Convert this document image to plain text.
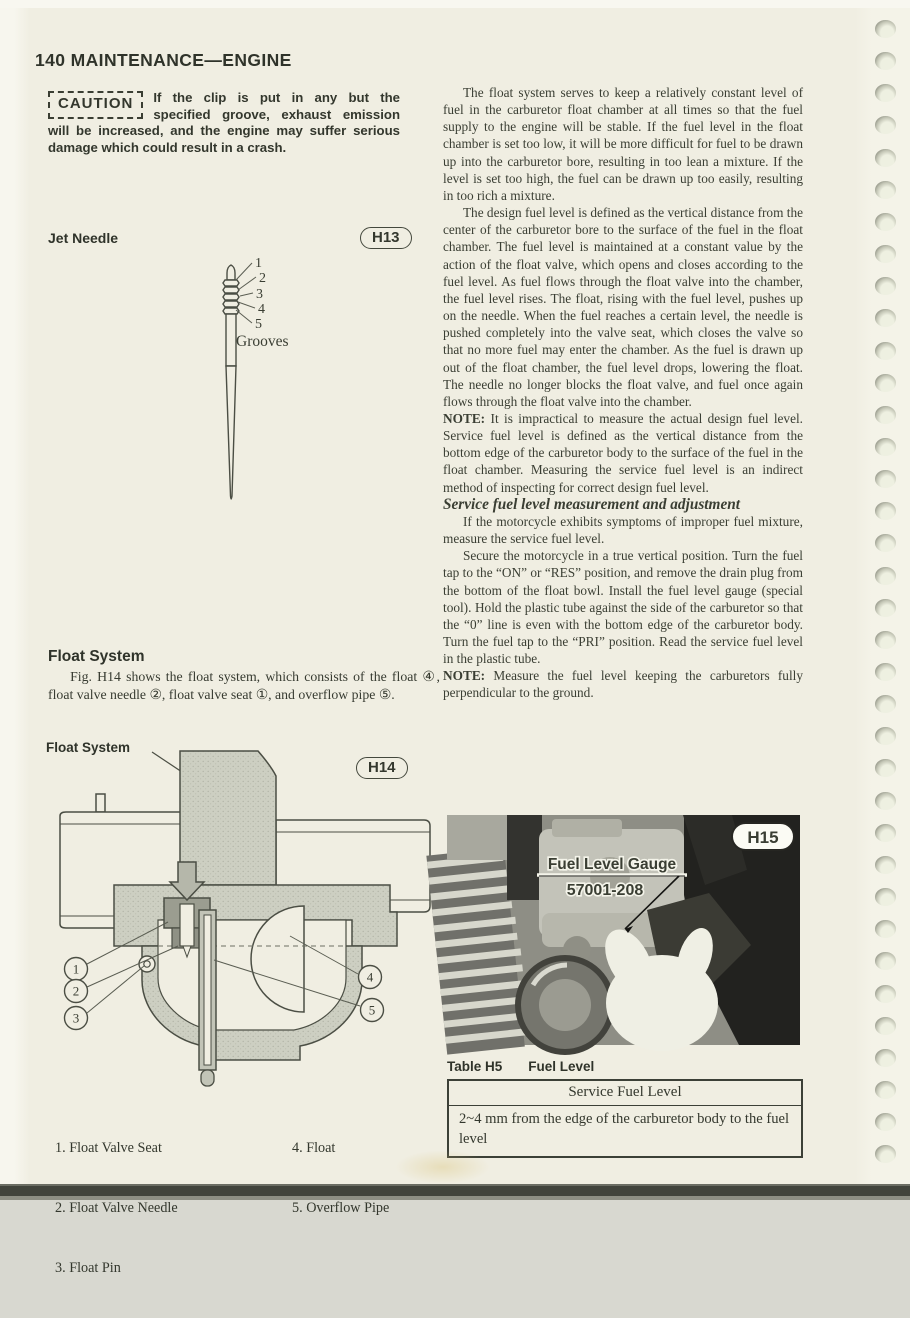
140 MAINTENANCE—ENGINE
CAUTION	If the clip is put in any but the specified groove, exhaust emission will be increased, and the engine may suffer serious damage which could result in a crash.
Jet Needle	H13
1
2
3
4
5
Grooves
Float System
Fig. H14 shows the float system, which consists of the float ④, float valve needle ②, float valve seat ①, and overflow pipe ⑤.
Float System
H14
1
2
3
4
5

1. Float Valve Seat

2. Float Valve Needle

3. Float Pin

4. Float

5. Overflow Pipe

The float system serves to keep a relatively constant level of fuel in the carburetor float chamber at all times so that the fuel supply to the engine will be stable. If the fuel level in the float chamber is set too low, it will be more difficult for fuel to be drawn up into the carburetor bore, resulting in too lean a mixture. If the level is set too high, the fuel can be drawn up too easily, resulting in too rich a mixture.

The design fuel level is defined as the vertical distance from the center of the carburetor bore to the surface of the fuel in the float chamber. The fuel level is maintained at a constant value by the action of the float valve, which opens and closes according to the fuel level. As fuel flows through the float valve into the chamber, the fuel level rises. The float, rising with the fuel level, pushes up on the needle. When the fuel reaches a certain level, the needle is pushed completely into the valve seat, which closes the valve so that no more fuel may enter the chamber. As the fuel is drawn up out of the float chamber, the fuel level drops, lowering the float. The needle no longer blocks the float valve, and fuel once again flows through the float valve into the chamber.

NOTE: It is impractical to measure the actual design fuel level. Service fuel level is defined as the vertical distance from the bottom edge of the carburetor body to the surface of the fuel in the float chamber. Measuring the service fuel level is an indirect method of inspecting for correct design fuel level.

Service fuel level measurement and adjustment

If the motorcycle exhibits symptoms of improper fuel mixture, measure the service fuel level.

Secure the motorcycle in a true vertical position. Turn the fuel tap to the “ON” or “RES” position, and remove the drain plug from the bottom of the float bowl. Install the fuel level gauge (special tool). Hold the plastic tube against the side of the carburetor so that the “0” line is even with the bottom edge of the carburetor body. Turn the fuel tap to the “PRI” position. Read the service fuel level in the plastic tube.

NOTE: Measure the fuel level keeping the carburetors fully perpendicular to the ground.

Fuel Level Gauge
57001-208
H15
Table H5 Fuel Level
Service Fuel Level
2~4 mm from the edge of the carburetor body to the fuel level
